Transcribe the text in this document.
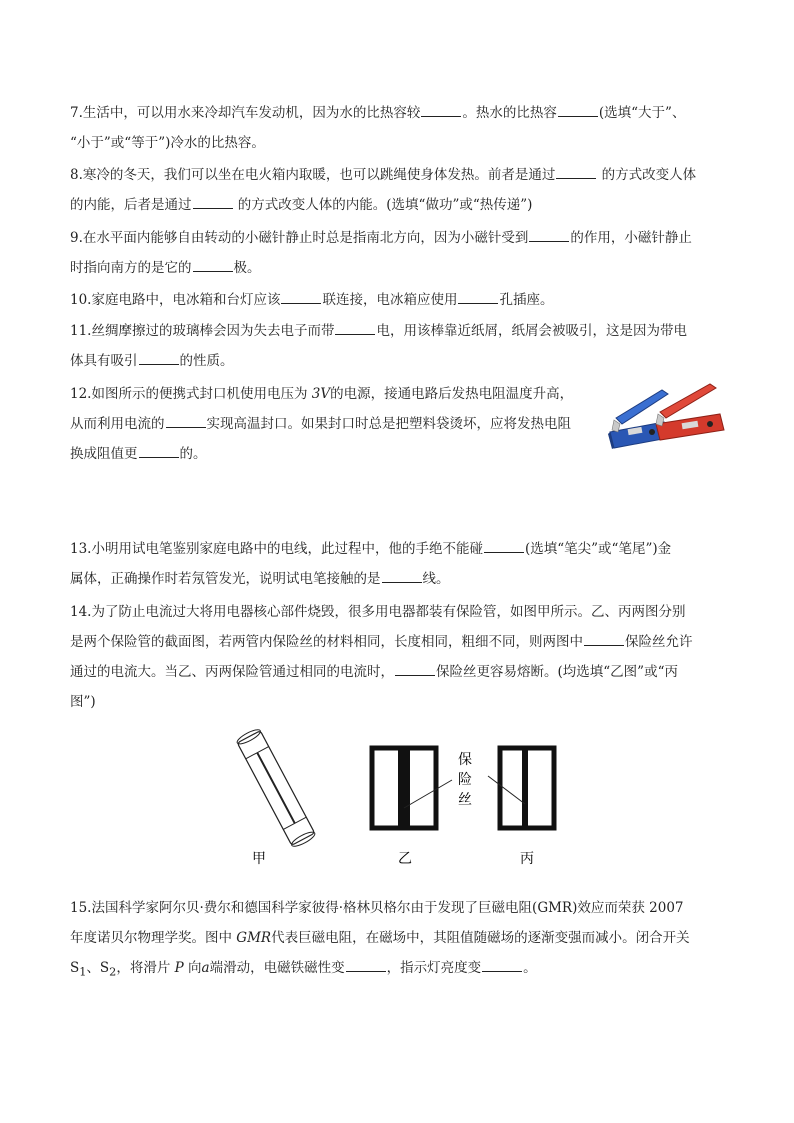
7.生活中，可以用水来冷却汽车发动机，因为水的比热容较	。热水的比热容	(选填“大于”、
“小于”或“等于”)冷水的比热容。
8.寒冷的冬天，我们可以坐在电火箱内取暖，也可以跳绳使身体发热。前者是通过	的方式改变人体
的内能，后者是通过	的方式改变人体的内能。(选填“做功”或“热传递”)
9.在水平面内能够自由转动的小磁针静止时总是指南北方向，因为小磁针受到	的作用，小磁针静止
时指向南方的是它的	极。
10.家庭电路中，电冰箱和台灯应该	联连接，电冰箱应使用	孔插座。
11.丝绸摩擦过的玻璃棒会因为失去电子而带	电，用该棒靠近纸屑，纸屑会被吸引，这是因为带电
体具有吸引	的性质。
12.如图所示的便携式封口机使用电压为 3V的电源，接通电路后发热电阻温度升高，
从而利用电流的	实现高温封口。如果封口时总是把塑料袋烫坏，应将发热电阻
换成阻值更	的。
13.小明用试电笔鉴别家庭电路中的电线，此过程中，他的手绝不能碰	(选填“笔尖”或“笔尾”)金
属体，正确操作时若氖管发光，说明试电笔接触的是	线。
14.为了防止电流过大将用电器核心部件烧毁，很多用电器都装有保险管，如图甲所示。乙、丙两图分别
是两个保险管的截面图，若两管内保险丝的材料相同，长度相同，粗细不同，则两图中	保险丝允许
通过的电流大。当乙、丙两保险管通过相同的电流时，	保险丝更容易熔断。(均选填“乙图”或“丙
图”)
保
险
丝
甲	乙	丙
15.法国科学家阿尔贝·费尔和德国科学家彼得·格林贝格尔由于发现了巨磁电阻(GMR)效应而荣获 2007
年度诺贝尔物理学奖。图中 GMR代表巨磁电阻，在磁场中，其阻值随磁场的逐渐变强而减小。闭合开关
$S_1$、$S_2$，将滑片 P 向a端滑动，电磁铁磁性变	，指示灯亮度变	。
